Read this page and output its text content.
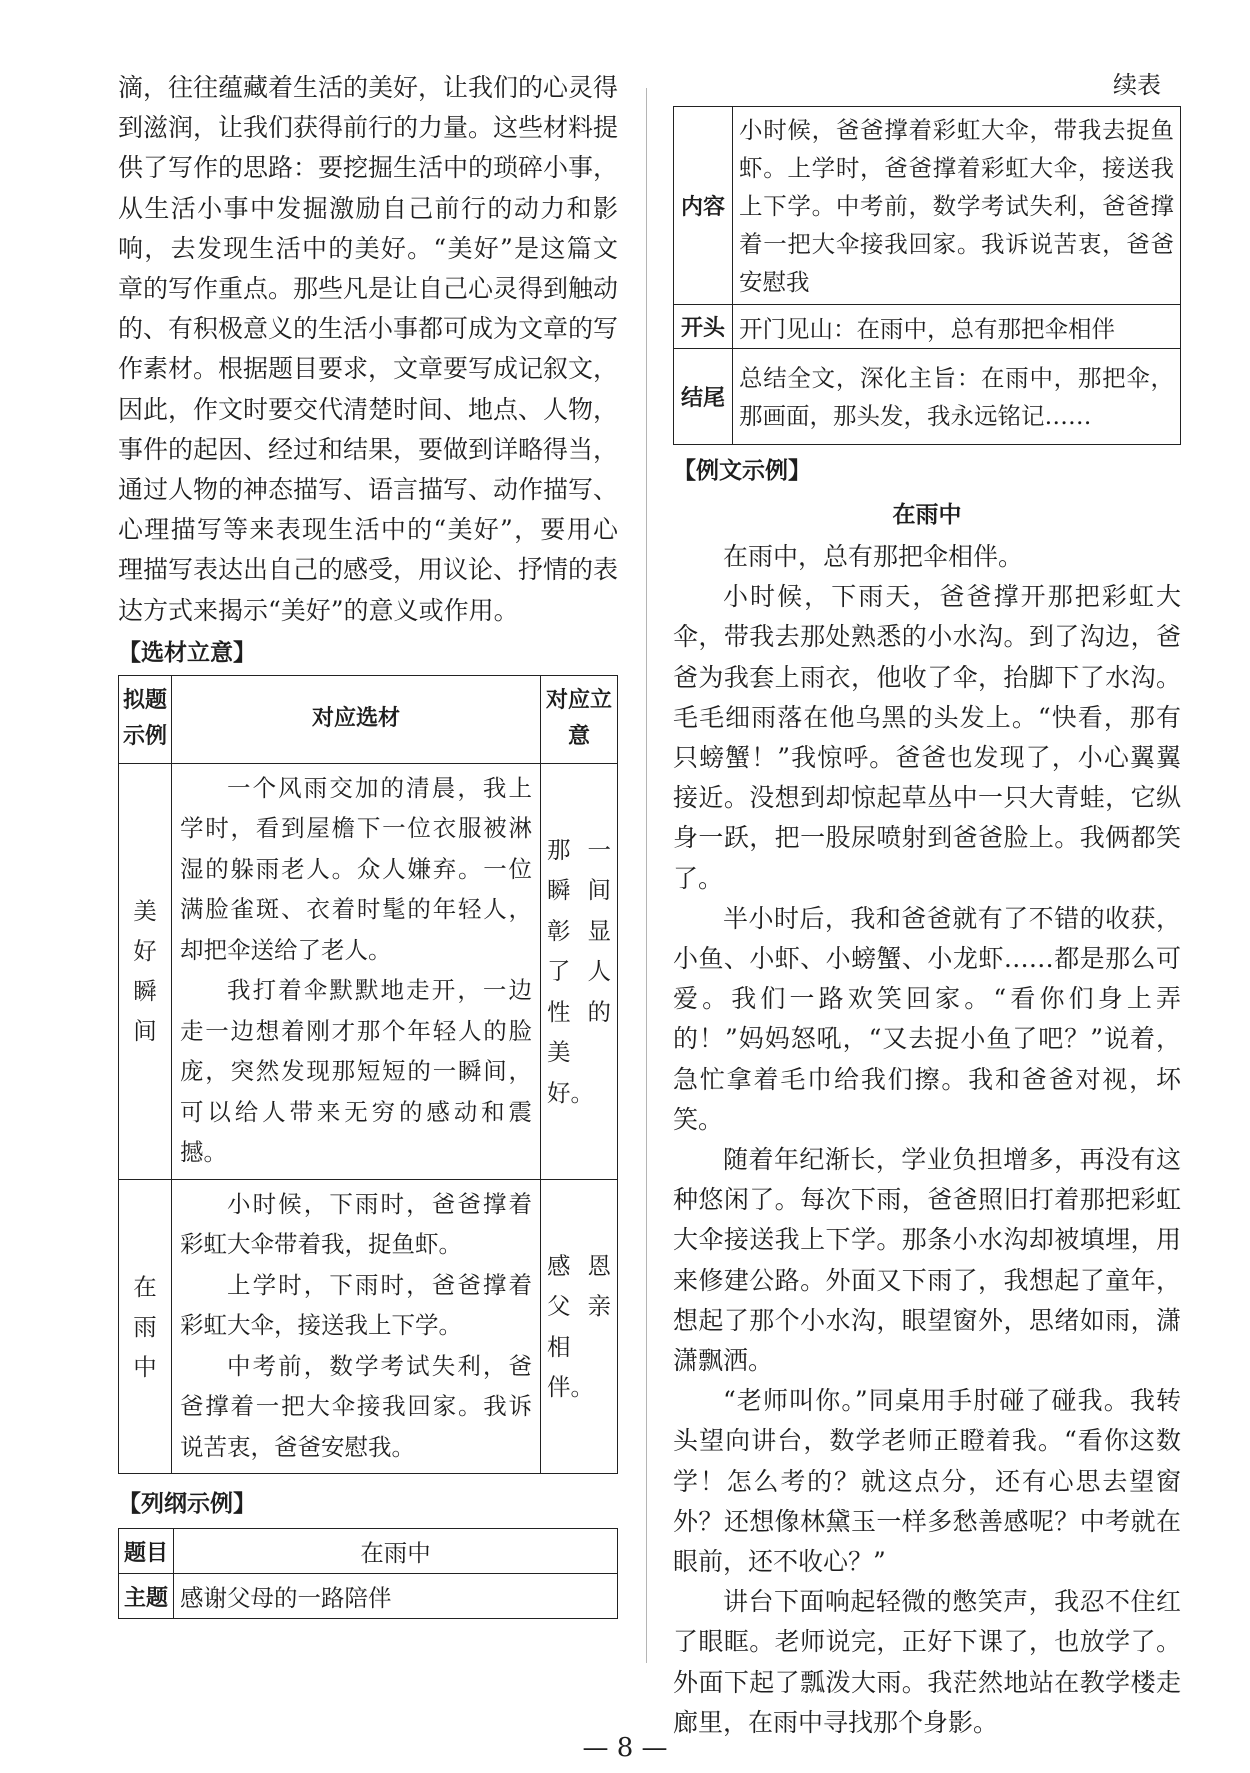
滴，往往蕴藏着生活的美好，让我们的心灵得到滋润，让我们获得前行的力量。这些材料提供了写作的思路：要挖掘生活中的琐碎小事，从生活小事中发掘激励自己前行的动力和影响，去发现生活中的美好。“美好”是这篇文章的写作重点。那些凡是让自己心灵得到触动的、有积极意义的生活小事都可成为文章的写作素材。根据题目要求，文章要写成记叙文，因此，作文时要交代清楚时间、地点、人物，事件的起因、经过和结果，要做到详略得当，通过人物的神态描写、语言描写、动作描写、心理描写等来表现生活中的“美好”，要用心理描写表达出自己的感受，用议论、抒情的表达方式来揭示“美好”的意义或作用。

【选材立意】

拟题示例	对应选材	对应立意
美好瞬间	一个风雨交加的清晨，我上学时，看到屋檐下一位衣服被淋湿的躲雨老人。众人嫌弃。一位满脸雀斑、衣着时髦的年轻人，却把伞送给了老人。

我打着伞默默地走开，一边走一边想着刚才那个年轻人的脸庞，突然发现那短短的一瞬间，可以给人带来无穷的感动和震撼。	那一瞬间彰显了人性的美好。
在雨中	小时候，下雨时，爸爸撑着彩虹大伞带着我，捉鱼虾。

上学时，下雨时，爸爸撑着彩虹大伞，接送我上下学。

中考前，数学考试失利，爸爸撑着一把大伞接我回家。我诉说苦衷，爸爸安慰我。	感恩父亲相伴。

【列纲示例】

题目	在雨中
主题	感谢父母的一路陪伴
续表
内容	小时候，爸爸撑着彩虹大伞，带我去捉鱼虾。上学时，爸爸撑着彩虹大伞，接送我上下学。中考前，数学考试失利，爸爸撑着一把大伞接我回家。我诉说苦衷，爸爸安慰我
开头	开门见山：在雨中，总有那把伞相伴
结尾	总结全文，深化主旨：在雨中，那把伞，那画面，那头发，我永远铭记……

【例文示例】

在雨中

在雨中，总有那把伞相伴。

小时候，下雨天，爸爸撑开那把彩虹大伞，带我去那处熟悉的小水沟。到了沟边，爸爸为我套上雨衣，他收了伞，抬脚下了水沟。毛毛细雨落在他乌黑的头发上。“快看，那有只螃蟹！”我惊呼。爸爸也发现了，小心翼翼接近。没想到却惊起草丛中一只大青蛙，它纵身一跃，把一股尿喷射到爸爸脸上。我俩都笑了。

半小时后，我和爸爸就有了不错的收获，小鱼、小虾、小螃蟹、小龙虾……都是那么可爱。我们一路欢笑回家。“看你们身上弄的！”妈妈怒吼，“又去捉小鱼了吧？”说着，急忙拿着毛巾给我们擦。我和爸爸对视，坏笑。

随着年纪渐长，学业负担增多，再没有这种悠闲了。每次下雨，爸爸照旧打着那把彩虹大伞接送我上下学。那条小水沟却被填埋，用来修建公路。外面又下雨了，我想起了童年，想起了那个小水沟，眼望窗外，思绪如雨，潇潇飘洒。

“老师叫你。”同桌用手肘碰了碰我。我转头望向讲台，数学老师正瞪着我。“看你这数学！怎么考的？就这点分，还有心思去望窗外？还想像林黛玉一样多愁善感呢？中考就在眼前，还不收心？”

讲台下面响起轻微的憋笑声，我忍不住红了眼眶。老师说完，正好下课了，也放学了。外面下起了瓢泼大雨。我茫然地站在教学楼走廊里，在雨中寻找那个身影。

— 8 —
